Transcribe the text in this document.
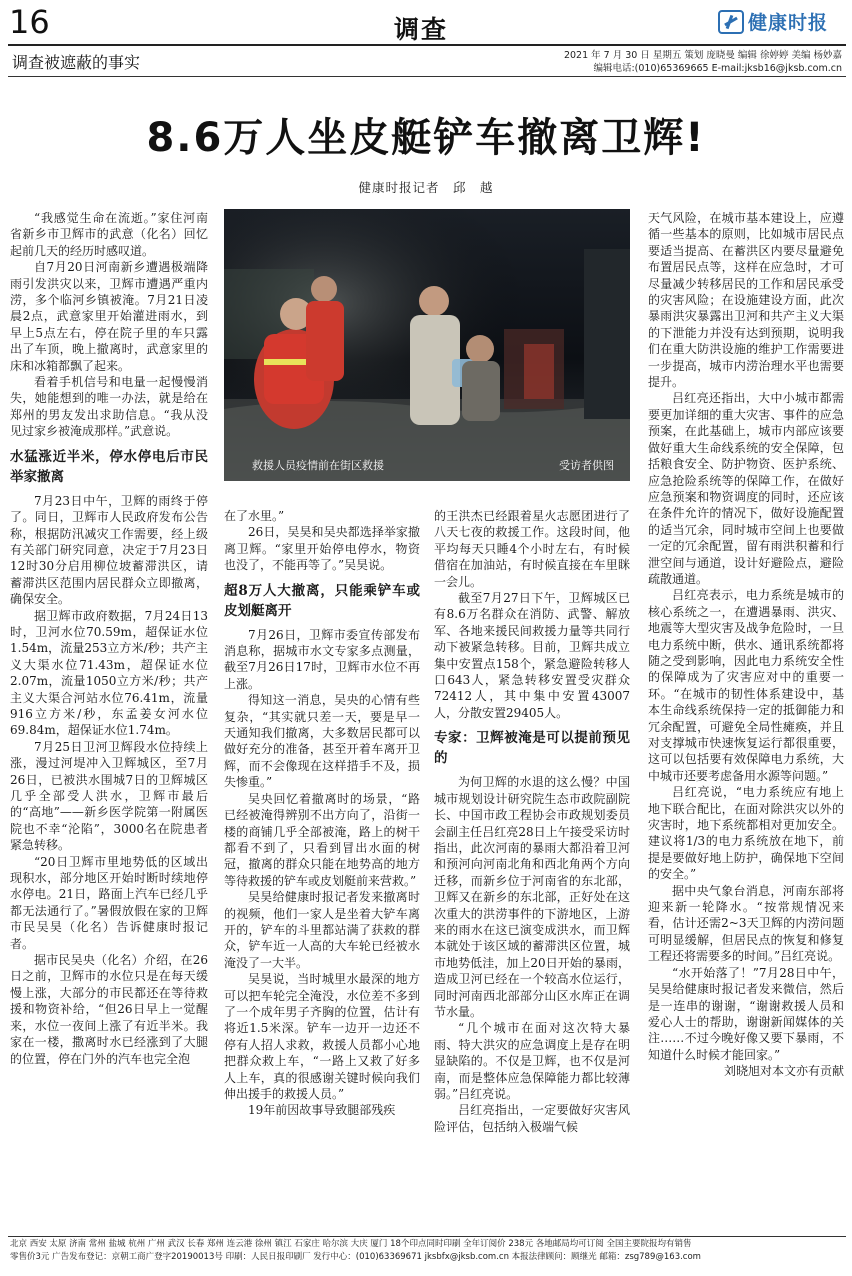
16	调查	健康时报
调查被遮蔽的事实	2021 年 7 月 30 日 星期五 策划 庞晓曼 编辑 徐婷婷 美编 杨妙嘉
编辑电话:(010)65369665 E-mail:jksb16@jksb.com.cn
8.6万人坐皮艇铲车撤离卫辉!
健康时报记者　邱　越
救援人员疫情前在街区救援	受访者供图

“我感觉生命在流逝。”家住河南省新乡市卫辉市的武意（化名）回忆起前几天的经历时感叹道。

自7月20日河南新乡遭遇极端降雨引发洪灾以来，卫辉市遭遇严重内涝，多个临河乡镇被淹。7月21日凌晨2点，武意家里开始灌进雨水，到早上5点左右，停在院子里的车只露出了车顶，晚上撤离时，武意家里的床和冰箱都飘了起来。

看着手机信号和电量一起慢慢消失，她能想到的唯一办法，就是给在郑州的男友发出求助信息。“我从没见过家乡被淹成那样。”武意说。

水猛涨近半米，停水停电后市民举家撤离

7月23日中午，卫辉的雨终于停了。同日，卫辉市人民政府发布公告称，根据防汛减灾工作需要，经上级有关部门研究同意，决定于7月23日12时30分启用柳位坡蓄滞洪区，请蓄滞洪区范围内居民群众立即撤离，确保安全。

据卫辉市政府数据，7月24日13时，卫河水位70.59m，超保证水位1.54m，流量253立方米/秒；共产主义大渠水位71.43m，超保证水位2.07m，流量1050立方米/秒；共产主义大渠合河站水位76.41m，流量916立方米/秒，东孟姜女河水位69.84m，超保证水位1.74m。

7月25日卫河卫辉段水位持续上涨，漫过河堤冲入卫辉城区，至7月26日，已被洪水围城7日的卫辉城区几乎全部受人洪水，卫辉市最后的“高地”——新乡医学院第一附属医院也不幸“沦陷”，3000名在院患者紧急转移。

“20日卫辉市里地势低的区域出现积水，部分地区开始时断时续地停水停电。21日，路面上汽车已经几乎都无法通行了。”暑假放假在家的卫辉市民吴昊（化名）告诉健康时报记者。

据市民吴央（化名）介绍，在26日之前，卫辉市的水位只是在每天缓慢上涨，大部分的市民都还在等待救援和物资补给，“但26日早上一觉醒来，水位一夜间上涨了有近半米。我家在一楼，撒离时水已经涨到了大腿的位置，停在门外的汽车也完全泡

在了水里。”

26日，吴昊和吴央都选择举家撤离卫辉。“家里开始停电停水，物资也没了，不能再等了。”吴昊说。

超8万人大撤离，只能乘铲车或皮划艇离开

7月26日，卫辉市委宣传部发布消息称，据城市水文专家多点测量，截至7月26日17时，卫辉市水位不再上涨。

得知这一消息，吴央的心情有些复杂，“其实就只差一天，要是早一天通知我们撤离，大多数居民都可以做好充分的准备，甚至开着车离开卫辉，而不会像现在这样措手不及，损失惨重。”

吴央回忆着撤离时的场景，“路已经被淹得辨别不出方向了，沿街一楼的商铺几乎全部被淹，路上的树干都看不到了，只看到冒出水面的树冠，撤离的群众只能在地势高的地方等待救援的铲车或皮划艇前来营救。”

吴昊给健康时报记者发来撤离时的视频，他们一家人是坐着大铲车离开的，铲车的斗里都站满了获救的群众，铲车近一人高的大车轮已经被水淹没了一大半。

吴昊说，当时城里水最深的地方可以把车轮完全淹没，水位差不多到了一个成年男子齐胸的位置，估计有将近1.5米深。铲车一边开一边还不停有人招人求救，救援人员都小心地把群众救上车，“一路上又救了好多人上车，真的很感谢关键时候向我们伸出援手的救援人员。”

19年前因故事导致腿部残疾

的王洪杰已经跟着星火志愿团进行了八天七夜的救援工作。这段时间，他平均每天只睡4个小时左右，有时候借宿在加油站，有时候直接在车里眯一会儿。

截至7月27日下午，卫辉城区已有8.6万名群众在消防、武警、解放军、各地来援民间救援力量等共同行动下被紧急转移。目前，卫辉共成立集中安置点158个，紧急避险转移人口643人，紧急转移安置受灾群众72412人，其中集中安置43007人，分散安置29405人。

专家：卫辉被淹是可以提前预见的

为何卫辉的水退的这么慢？中国城市规划设计研究院生态市政院副院长、中国市政工程协会市政规划委员会副主任吕红亮28日上午接受采访时指出，此次河南的暴雨大都沿着卫河和预河向河南北角和西北角两个方向迁移，而新乡位于河南省的东北部，卫辉又在新乡的东北部，正好处在这次重大的洪涝事件的下游地区，上游来的雨水在这已演变成洪水，而卫辉本就处于该区域的蓄滞洪区位置，城市地势低洼，加上20日开始的暴雨，造成卫河已经在一个较高水位运行，同时河南西北部部分山区水库正在调节水量。

“几个城市在面对这次特大暴雨、特大洪灾的应急调度上是存在明显缺陷的。不仅是卫辉，也不仅是河南，而是整体应急保障能力都比较薄弱。”吕红亮说。

吕红亮指出，一定要做好灾害风险评估，包括纳入极端气候

天气风险，在城市基本建设上，应遵循一些基本的原则，比如城市居民点要适当提高、在蓄洪区内要尽量避免布置居民点等，这样在应急时，才可尽量减少转移居民的工作和居民承受的灾害风险；在设施建设方面，此次暴雨洪灾暴露出卫河和共产主义大渠的下泄能力并没有达到预期，说明我们在重大防洪设施的维护工作需要进一步提高，城市内涝治理水平也需要提升。

吕红亮还指出，大中小城市都需要更加详细的重大灾害、事件的应急预案，在此基础上，城市内部应该要做好重大生命线系统的安全保障，包括粮食安全、防护物资、医护系统、应急抢险系统等的保障工作，在做好应急预案和物资调度的同时，还应该在条件允许的情况下，做好设施配置的适当冗余，同时城市空间上也要做一定的冗余配置，留有雨洪积蓄和行泄空间与通道，设计好避险点，避险疏散通道。

吕红亮表示，电力系统是城市的核心系统之一，在遭遇暴雨、洪灾、地震等大型灾害及战争危险时，一旦电力系统中断，供水、通讯系统都将随之受到影响，因此电力系统安全性的保障成为了灾害应对中的重要一环。“在城市的韧性体系建设中，基本生命线系统保持一定的抵御能力和冗余配置，可避免全局性瘫痪，并且对支撑城市快速恢复运行都很重要，这可以包括要有效保障电力系统，大中城市还要考虑备用水源等问题。”

吕红亮说，“电力系统应有地上地下联合配比，在面对除洪灾以外的灾害时，地下系统都相对更加安全。建议将1/3的电力系统放在地下，前提是要做好地上防护，确保地下空间的安全。”

据中央气象台消息，河南东部将迎来新一轮降水。“按常规情况来看，估计还需2~3天卫辉的内涝问题可明显缓解，但居民点的恢复和修复工程还将需要多的时间。”吕红亮说。

“水开始落了！”7月28日中午，吴昊给健康时报记者发来微信，然后是一连串的谢谢，“谢谢救援人员和爱心人士的帮助，谢谢新闻媒体的关注……不过今晚好像又要下暴雨，不知道什么时候才能回家。”

刘晓旭对本文亦有贡献

北京 西安 太原 济南 常州 盐城 杭州 广州 武汉 长春 郑州 连云港 徐州 镇江 石家庄 哈尔滨 大庆 厦门 18个印点同时印刷 全年订阅价 238元 各地邮局均可订阅 全国主要院报均有销售
零售价3元 广告发布登记：京朝工商广登字20190013号 印刷：人民日报印刷厂 发行中心：(010)63369671 jksbfx@jksb.com.cn 本报法律顾问：顾继光 邮箱：zsg789@163.com
